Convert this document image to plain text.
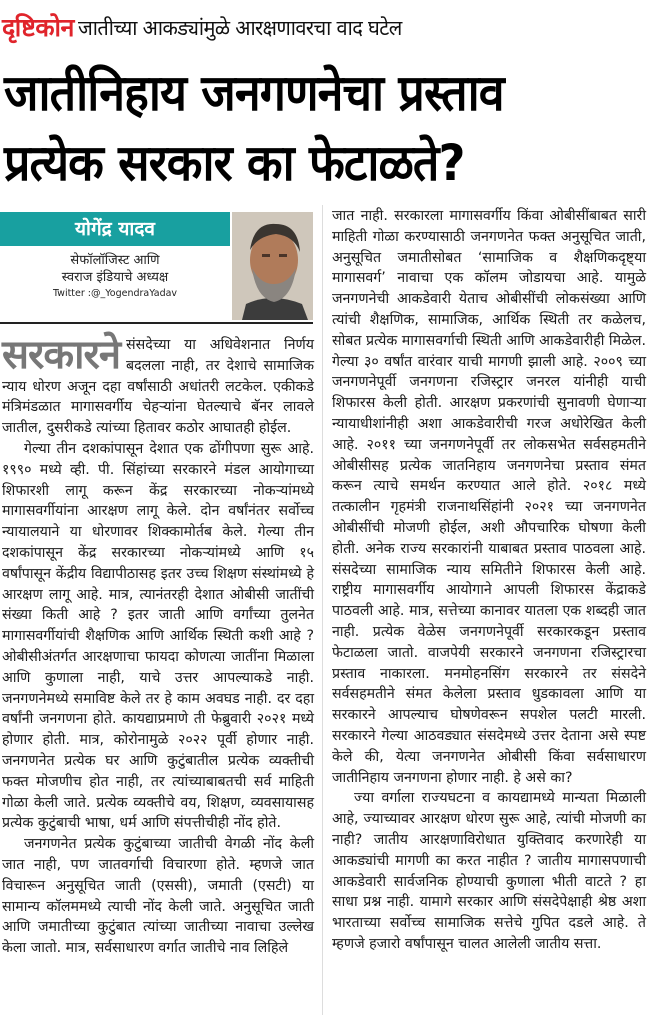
दृष्टिकोन जातीच्या आकड्यांमुळे आरक्षणावरचा वाद घटेल
जातीनिहाय जनगणनेचा प्रस्ताव
प्रत्येक सरकार का फेटाळते?
योगेंद्र यादव
सेफॉलॉजिस्ट आणि
स्वराज इंडियाचे अध्यक्ष
Twitter :@_YogendraYadav

सरकारने संसदेच्या या अधिवेशनात निर्णय बदलला नाही, तर देशाचे सामाजिक न्याय धोरण अजून दहा वर्षांसाठी अधांतरी लटकेल. एकीकडे मंत्रिमंडळात मागासवर्गीय चेहऱ्यांना घेतल्याचे बॅनर लावले जातील, दुसरीकडे त्यांच्या हितावर कठोर आघातही होईल.

गेल्या तीन दशकांपासून देशात एक ढोंगीपणा सुरू आहे. १९९० मध्ये व्ही. पी. सिंहांच्या सरकारने मंडल आयोगाच्या शिफारशी लागू करून केंद्र सरकारच्या नोकऱ्यांमध्ये मागासवर्गीयांना आरक्षण लागू केले. दोन वर्षांनंतर सर्वोच्च न्यायालयाने या धोरणावर शिक्कामोर्तब केले. गेल्या तीन दशकांपासून केंद्र सरकारच्या नोकऱ्यांमध्ये आणि १५ वर्षांपासून केंद्रीय विद्यापीठासह इतर उच्च शिक्षण संस्थांमध्ये हे आरक्षण लागू आहे. मात्र, त्यानंतरही देशात ओबीसी जातींची संख्या किती आहे ? इतर जाती आणि वर्गांच्या तुलनेत मागासवर्गीयांची शैक्षणिक आणि आर्थिक स्थिती कशी आहे ? ओबीसीअंतर्गत आरक्षणाचा फायदा कोणत्या जातींना मिळाला आणि कुणाला नाही, याचे उत्तर आपल्याकडे नाही. जनगणनेमध्ये समाविष्ट केले तर हे काम अवघड नाही. दर दहा वर्षांनी जनगणना होते. कायद्याप्रमाणे ती फेब्रुवारी २०२१ मध्ये होणार होती. मात्र, कोरोनामुळे २०२२ पूर्वी होणार नाही. जनगणनेत प्रत्येक घर आणि कुटुंबातील प्रत्येक व्यक्तीची फक्त मोजणीच होत नाही, तर त्यांच्याबाबतची सर्व माहिती गोळा केली जाते. प्रत्येक व्यक्तीचे वय, शिक्षण, व्यवसायासह प्रत्येक कुटुंबाची भाषा, धर्म आणि संपत्तीचीही नोंद होते.

जनगणनेत प्रत्येक कुटुंबाच्या जातीची वेगळी नोंद केली जात नाही, पण जातवर्गाची विचारणा होते. म्हणजे जात विचारून अनुसूचित जाती (एससी), जमाती (एसटी) या सामान्य कॉलममध्ये त्याची नोंद केली जाते. अनुसूचित जाती आणि जमातीच्या कुटुंबात त्यांच्या जातीच्या नावाचा उल्लेख केला जातो. मात्र, सर्वसाधारण वर्गात जातीचे नाव लिहिले

जात नाही. सरकारला मागासवर्गीय किंवा ओबीसींबाबत सारी माहिती गोळा करण्यासाठी जनगणनेत फक्त अनुसूचित जाती, अनुसूचित जमातीसोबत ‘सामाजिक व शैक्षणिकदृष्ट्या मागासवर्ग’ नावाचा एक कॉलम जोडायचा आहे. यामुळे जनगणनेची आकडेवारी येताच ओबीसींची लोकसंख्या आणि त्यांची शैक्षणिक, सामाजिक, आर्थिक स्थिती तर कळेलच, सोबत प्रत्येक मागासवर्गाची स्थिती आणि आकडेवारीही मिळेल. गेल्या ३० वर्षांत वारंवार याची मागणी झाली आहे. २००९ च्या जनगणनेपूर्वी जनगणना रजिस्ट्रार जनरल यांनीही याची शिफारस केली होती. आरक्षण प्रकरणांची सुनावणी घेणाऱ्या न्यायाधीशांनीही अशा आकडेवारीची गरज अधोरेखित केली आहे. २०११ च्या जनगणनेपूर्वी तर लोकसभेत सर्वसहमतीने ओबीसीसह प्रत्येक जातनिहाय जनगणनेचा प्रस्ताव संमत करून त्याचे समर्थन करण्यात आले होते. २०१८ मध्ये तत्कालीन गृहमंत्री राजनाथसिंहांनी २०२१ च्या जनगणनेत ओबीसींची मोजणी होईल, अशी औपचारिक घोषणा केली होती. अनेक राज्य सरकारांनी याबाबत प्रस्ताव पाठवला आहे. संसदेच्या सामाजिक न्याय समितीने शिफारस केली आहे. राष्ट्रीय मागासवर्गीय आयोगाने आपली शिफारस केंद्राकडे पाठवली आहे. मात्र, सत्तेच्या कानावर यातला एक शब्दही जात नाही. प्रत्येक वेळेस जनगणनेपूर्वी सरकारकडून प्रस्ताव फेटाळला जातो. वाजपेयी सरकारने जनगणना रजिस्ट्रारचा प्रस्ताव नाकारला. मनमोहनसिंग सरकारने तर संसदेने सर्वसहमतीने संमत केलेला प्रस्ताव धुडकावला आणि या सरकारने आपल्याच घोषणेवरून सपशेल पलटी मारली. सरकारने गेल्या आठवड्यात संसदेमध्ये उत्तर देताना असे स्पष्ट केले की, येत्या जनगणनेत ओबीसी किंवा सर्वसाधारण जातीनिहाय जनगणना होणार नाही. हे असे का?

ज्या वर्गाला राज्यघटना व कायद्यामध्ये मान्यता मिळाली आहे, ज्याच्यावर आरक्षण धोरण सुरू आहे, त्यांची मोजणी का नाही? जातीय आरक्षणाविरोधात युक्तिवाद करणारेही या आकड्यांची मागणी का करत नाहीत ? जातीय मागासपणाची आकडेवारी सार्वजनिक होण्याची कुणाला भीती वाटते ? हा साधा प्रश्न नाही. यामागे सरकार आणि संसदेपेक्षाही श्रेष्ठ अशा भारताच्या सर्वोच्च सामाजिक सत्तेचे गुपित दडले आहे. ते म्हणजे हजारो वर्षांपासून चालत आलेली जातीय सत्ता.
